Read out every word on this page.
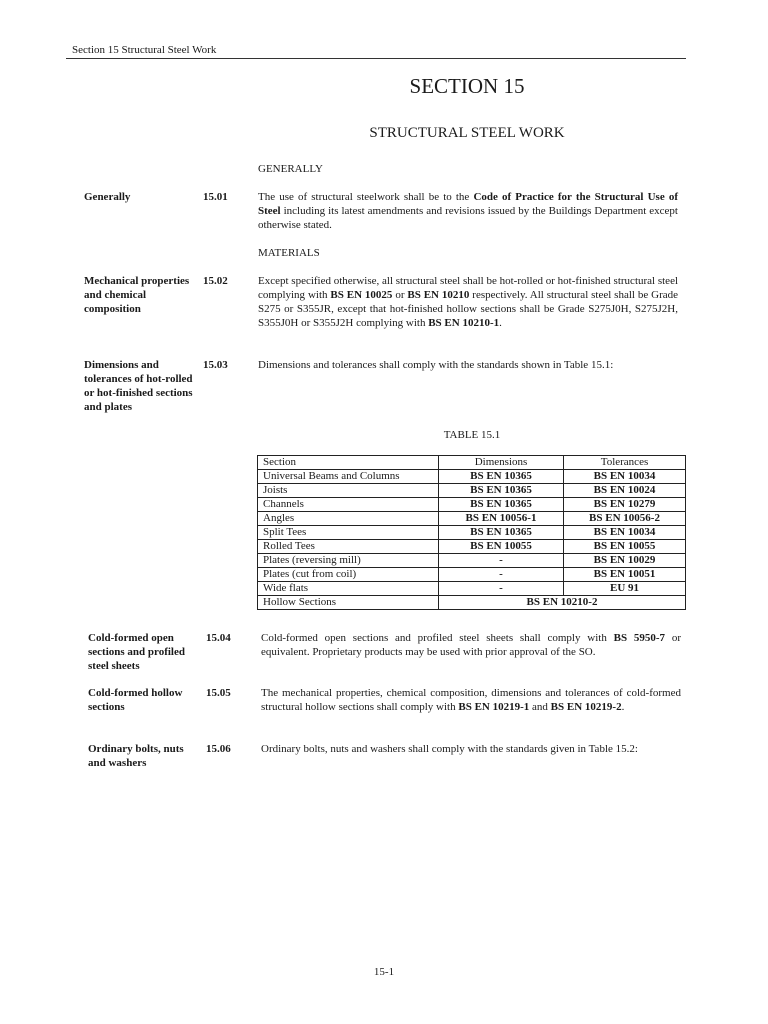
Section 15 Structural Steel Work
SECTION 15
STRUCTURAL STEEL WORK
GENERALLY
MATERIALS
Generally	15.01	The use of structural steelwork shall be to the Code of Practice for the Structural Use of Steel including its latest amendments and revisions issued by the Buildings Department except otherwise stated.
Mechanical properties and chemical composition
15.02	Except specified otherwise, all structural steel shall be hot-rolled or hot-finished structural steel complying with BS EN 10025 or BS EN 10210 respectively. All structural steel shall be Grade S275 or S355JR, except that hot-finished hollow sections shall be Grade S275J0H, S275J2H, S355J0H or S355J2H complying with BS EN 10210-1.
Dimensions and tolerances of hot-rolled or hot-finished sections and plates
15.03	Dimensions and tolerances shall comply with the standards shown in Table 15.1:
TABLE 15.1
Section	Dimensions	Tolerances
Universal Beams and Columns	BS EN 10365	BS EN 10034
Joists	BS EN 10365	BS EN 10024
Channels	BS EN 10365	BS EN 10279
Angles	BS EN 10056-1	BS EN 10056-2
Split Tees	BS EN 10365	BS EN 10034
Rolled Tees	BS EN 10055	BS EN 10055
Plates (reversing mill)	-	BS EN 10029
Plates (cut from coil)	-	BS EN 10051
Wide flats	-	EU 91
Hollow Sections	BS EN 10210-2	
Cold-formed open sections and profiled steel sheets
15.04	Cold-formed open sections and profiled steel sheets shall comply with BS 5950-7 or equivalent. Proprietary products may be used with prior approval of the SO.
Cold-formed hollow sections
15.05	The mechanical properties, chemical composition, dimensions and tolerances of cold-formed structural hollow sections shall comply with BS EN 10219-1 and BS EN 10219-2.
Ordinary bolts, nuts and washers
15.06	Ordinary bolts, nuts and washers shall comply with the standards given in Table 15.2:
15-1
